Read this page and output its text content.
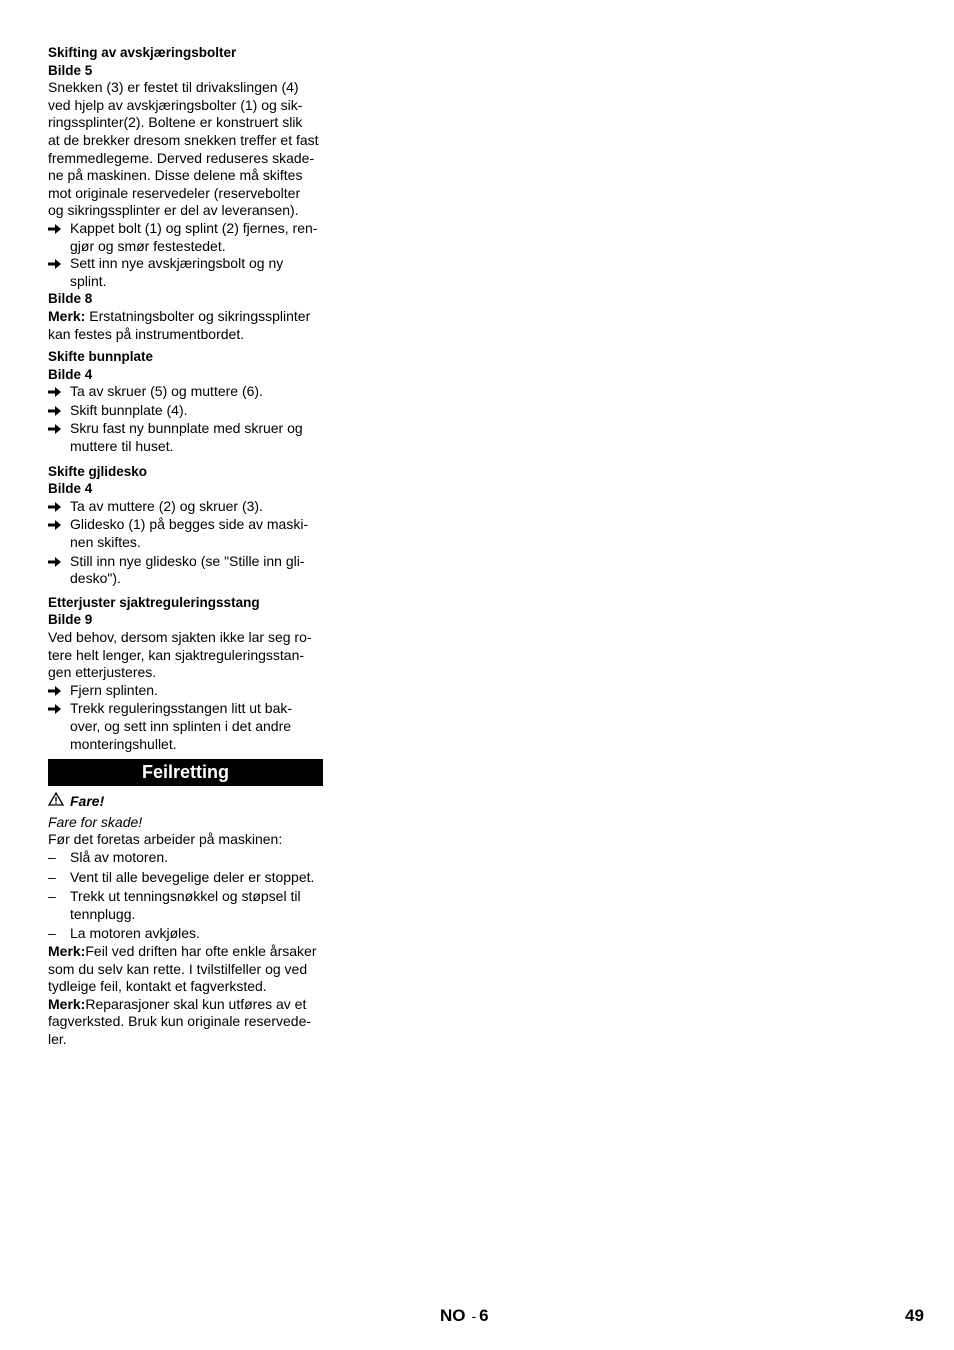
Skifting av avskjæringsbolter
Bilde 5
Snekken (3) er festet til drivakslingen (4)
ved hjelp av avskjæringsbolter (1) og sik-
ringssplinter(2). Boltene er konstruert slik
at de brekker dresom snekken treffer et fast
fremmedlegeme. Derved reduseres skade-
ne på maskinen. Disse delene må skiftes
mot originale reservedeler (reservebolter
og sikringssplinter er del av leveransen).
Kappet bolt (1) og splint (2) fjernes, ren-
gjør og smør festestedet.
Sett inn nye avskjæringsbolt og ny
splint.
Bilde 8
Merk: Erstatningsbolter og sikringssplinter
kan festes på instrumentbordet.
Skifte bunnplate
Bilde 4
Ta av skruer (5) og muttere (6).
Skift bunnplate (4).
Skru fast ny bunnplate med skruer og
muttere til huset.
Skifte gjlidesko
Bilde 4
Ta av muttere (2) og skruer (3).
Glidesko (1) på begges side av maski-
nen skiftes.
Still inn nye glidesko (se "Stille inn gli-
desko").
Etterjuster sjaktreguleringsstang
Bilde 9
Ved behov, dersom sjakten ikke lar seg ro-
tere helt lenger, kan sjaktreguleringsstan-
gen etterjusteres.
Fjern splinten.
Trekk reguleringsstangen litt ut bak-
over, og sett inn splinten i det andre
monteringshullet.
Feilretting
Fare!
Fare for skade!
Før det foretas arbeider på maskinen:
–	Slå av motoren.
–	Vent til alle bevegelige deler er stoppet.
–	Trekk ut tenningsnøkkel og støpsel til
tennplugg.
–	La motoren avkjøles.
Merk:Feil ved driften har ofte enkle årsaker
som du selv kan rette. I tvilstilfeller og ved
tydleige feil, kontakt et fagverksted.
Merk:Reparasjoner skal kun utføres av et
fagverksted. Bruk kun originale reservede-
ler.
NO - 6	49
